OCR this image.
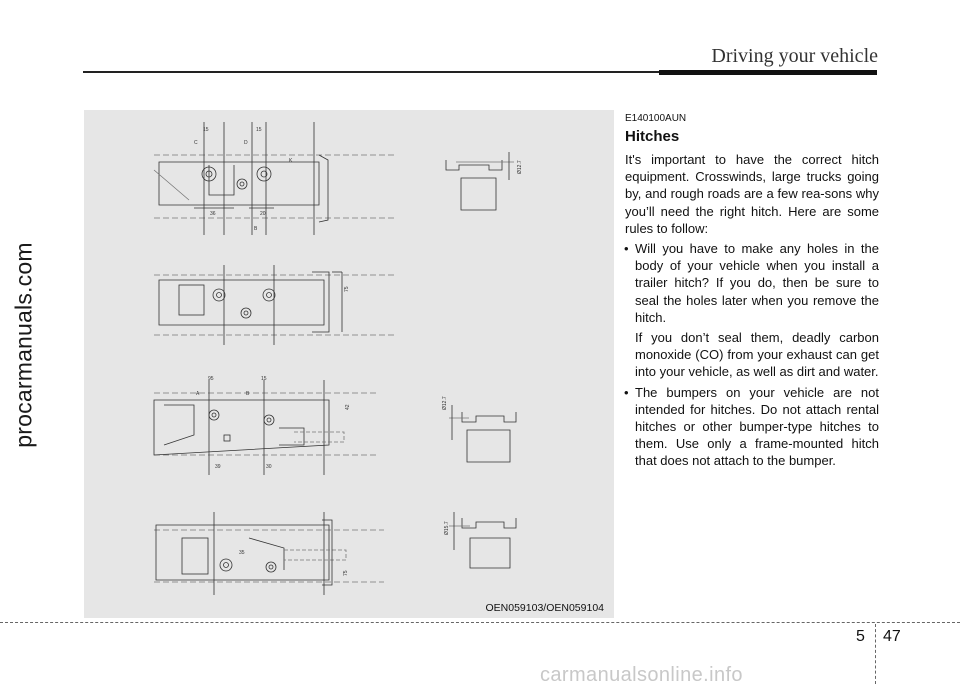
procarmanuals.com
Driving your vehicle
15	15
36	20
C	D
B
K	Ø12.7
75
95	15
A	B
39	30
42	Ø12.7
75
35
Ø15.7
OEN059103/OEN059104
E140100AUN
Hitches
It's important to have the correct hitch equipment. Crosswinds, large trucks going by, and rough roads are a few rea-sons why you’ll need the right hitch. Here are some rules to follow:
• Will you have to make any holes in the body of your vehicle when you install a trailer hitch? If you do, then be sure to seal the holes later when you remove the hitch.

If you don’t seal them, deadly carbon monoxide (CO) from your exhaust can get into your vehicle, as well as dirt and water.

• The bumpers on your vehicle are not intended for hitches. Do not attach rental hitches or other bumper-type hitches to them. Use only a frame-mounted hitch that does not attach to the bumper.

5 47
carmanualsonline.info
